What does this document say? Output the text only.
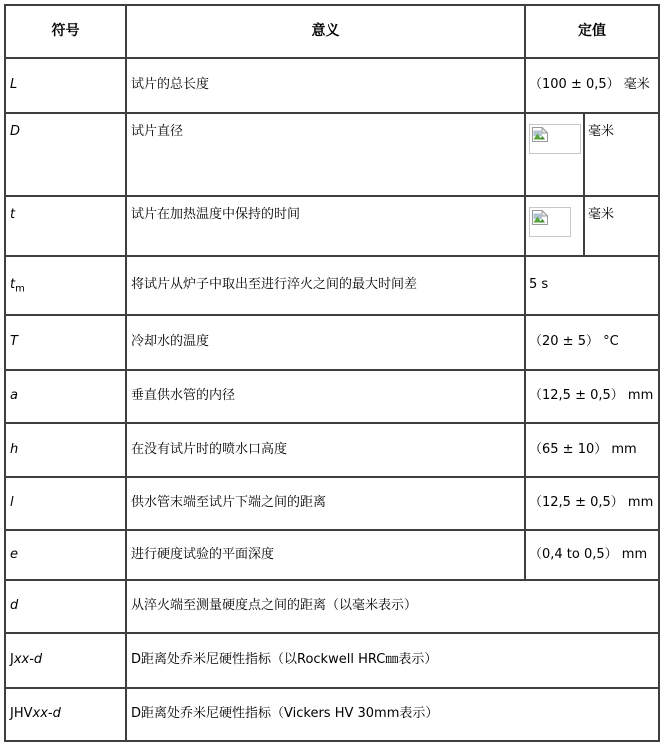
符号	意义	定值	
L	试片的总长度	（100 ± 0,5） 毫米	
D	试片直径		毫米
t	试片在加热温度中保持的时间		毫米
$t_m$	将试片从炉子中取出至进行淬火之间的最大时间差	5 s	
T	冷却水的温度	（20 ± 5） °C	
a	垂直供水管的内径	（12,5 ± 0,5） mm	
h	在没有试片时的喷水口高度	（65 ± 10） mm	
l	供水管末端至试片下端之间的距离	（12,5 ± 0,5） mm	
e	进行硬度试验的平面深度	（0,4 to 0,5） mm	
d	从淬火端至测量硬度点之间的距离（以毫米表示）		
Jxx-d	D距离处乔米尼硬性指标（以Rockwell HRC㎜表示）		
JHVxx-d	D距离处乔米尼硬性指标（Vickers HV 30mm表示）		
